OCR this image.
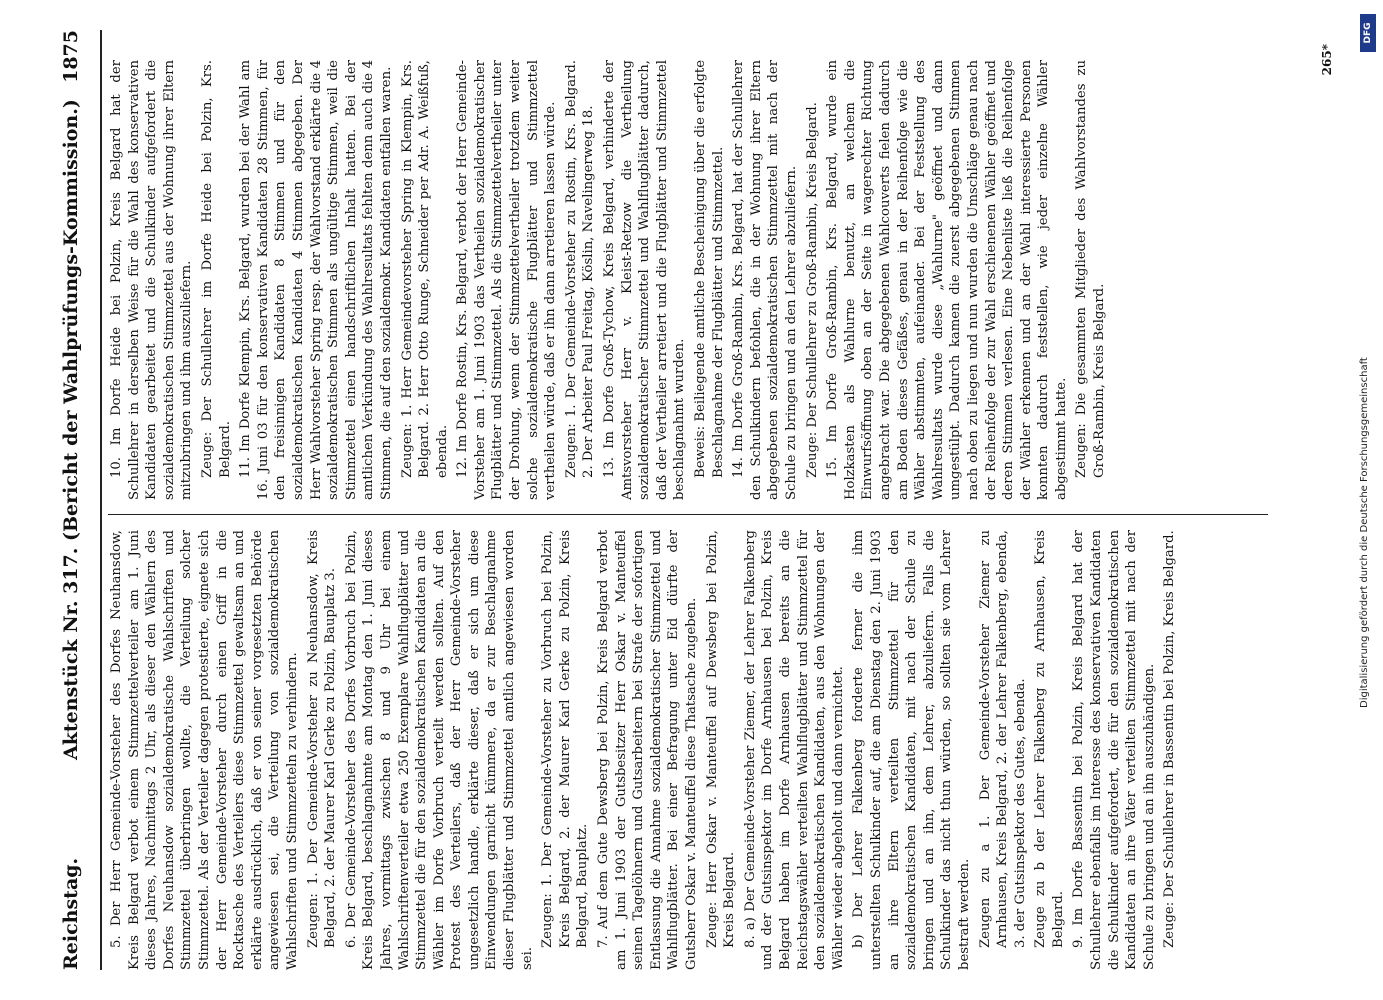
Reichstag.
Aktenstück Nr. 317. (Bericht der Wahlprüfungs-Kommission.)
1875

5. Der Herr Gemeinde-Vorsteher des Dorfes Neuhansdow, Kreis Belgard verbot einem Stimmzettelverteiler am 1. Juni dieses Jahres, Nachmittags 2 Uhr, als dieser den Wählern des Dorfes Neuhansdow sozialdemokratische Wahlschriften und Stimmzettel überbringen wollte, die Verteilung solcher Stimmzettel. Als der Verteiler dagegen protestierte, eignete sich der Herr Gemeinde-Vorsteher durch einen Griff in die Rocktasche des Verteilers diese Stimmzettel gewaltsam an und erklärte ausdrücklich, daß er von seiner vorgesetzten Behörde angewiesen sei, die Verteilung von sozialdemokratischen Wahlschriften und Stimmzetteln zu verhindern. Zeugen: 1. Der Gemeinde-Vorsteher zu Neuhansdow, Kreis Belgard, 2. der Maurer Karl Gerke zu Polzin, Bauplatz 3. 6. Der Gemeinde-Vorsteher des Dorfes Vorbruch bei Polzin, Kreis Belgard, beschlagnahmte am Montag den 1. Juni dieses Jahres, vormittags zwischen 8 und 9 Uhr bei einem Wahlschriftenverteiler etwa 250 Exemplare Wahlflugblätter und Stimmzettel die für den sozialdemokratischen Kandidaten an die Wähler im Dorfe Vorbruch verteilt werden sollten. Auf den Protest des Verteilers, daß der Herr Gemeinde-Vorsteher ungesetzlich handle, erklärte dieser, daß er sich um diese Einwendungen garnicht kümmere, da er zur Beschlagnahme dieser Flugblätter und Stimmzettel amtlich angewiesen worden sei.

Zeugen: 1. Der Gemeinde-Vorsteher zu Vorbruch bei Polzin, Kreis Belgard, 2. der Maurer Karl Gerke zu Polzin, Kreis Belgard, Bauplatz. 7. Auf dem Gute Dewsberg bei Polzin, Kreis Belgard verbot am 1. Juni 1903 der Gutsbesitzer Herr Oskar v. Manteuffel seinen Tagelöhnern und Gutsarbeitern bei Strafe der sofortigen Entlassung die Annahme sozialdemokratischer Stimmzettel und Wahlflugblätter. Bei einer Befragung unter Eid dürfte der Gutsherr Oskar v. Manteuffel diese Thatsache zugeben. Zeuge: Herr Oskar v. Manteuffel auf Dewsberg bei Polzin, Kreis Belgard. 8. a) Der Gemeinde-Vorsteher Ziemer, der Lehrer Falkenberg und der Gutsinspektor im Dorfe Arnhausen bei Polzin, Kreis Belgard haben im Dorfe Arnhausen die bereits an die Reichstagswähler verteilten Wahlflugblätter und Stimmzettel für den sozialdemokratischen Kandidaten, aus den Wohnungen der Wähler wieder abgeholt und dann vernichtet. b) Der Lehrer Falkenberg forderte ferner die ihm unterstellten Schulkinder auf, die am Dienstag den 2. Juni 1903 an ihre Eltern verteilten Stimmzettel für den sozialdemokratischen Kandidaten, mit nach der Schule zu bringen und an ihn, dem Lehrer, abzuliefern. Falls die Schulkinder das nicht thun würden, so sollten sie vom Lehrer bestraft werden. Zeugen zu a 1. Der Gemeinde-Vorsteher Ziemer zu Arnhausen, Kreis Belgard, 2. der Lehrer Falkenberg, ebenda, 3. der Gutsinspektor des Gutes, ebenda. Zeuge zu b der Lehrer Falkenberg zu Arnhausen, Kreis Belgard. 9. Im Dorfe Bassentin bei Polzin, Kreis Belgard hat der Schullehrer ebenfalls im Interesse des konservativen Kandidaten die Schulkinder aufgefordert, die für den sozialdemokratischen Kandidaten an ihre Väter verteilten Stimmzettel mit nach der Schule zu bringen und an ihn auszuhändigen. Zeuge: Der Schullehrer in Bassentin bei Polzin, Kreis Belgard.

10. Im Dorfe Heide bei Polzin, Kreis Belgard hat der Schullehrer in derselben Weise für die Wahl des konservativen Kandidaten gearbeitet und die Schulkinder aufgefordert die sozialdemokratischen Stimmzettel aus der Wohnung ihrer Eltern mitzubringen und ihm auszuliefern. Zeuge: Der Schullehrer im Dorfe Heide bei Polzin, Krs. Belgard. 11. Im Dorfe Klempin, Krs. Belgard, wurden bei der Wahl am 16. Juni 03 für den konservativen Kandidaten 28 Stimmen, für den freisinnigen Kandidaten 8 Stimmen und für den sozialdemokratischen Kandidaten 4 Stimmen abgegeben. Der Herr Wahlvorsteher Spring resp. der Wahlvorstand erklärte die 4 sozialdemokratischen Stimmen als ungültige Stimmen, weil die Stimmzettel einen handschriftlichen Inhalt hatten. Bei der amtlichen Verkündung des Wahlresultats fehlten denn auch die 4 Stimmen, die auf den sozialdemokr. Kandidaten entfallen waren. Zeugen: 1. Herr Gemeindevorsteher Spring in Klempin, Krs. Belgard. 2. Herr Otto Runge, Schneider per Adr. A. Weißfuß, ebenda. 12. Im Dorfe Rostin, Krs. Belgard, verbot der Herr Gemeinde-Vorsteher am 1. Juni 1903 das Vertheilen sozialdemokratischer Flugblätter und Stimmzettel. Als die Stimmzettelvertheiler unter der Drohung, wenn der Stimmzettelvertheiler trotzdem weiter solche sozialdemokratische Flugblätter und Stimmzettel vertheilen würde, daß er ihn dann arretieren lassen würde. Zeugen: 1. Der Gemeinde-Vorsteher zu Rostin, Krs. Belgard. 2. Der Arbeiter Paul Freitag, Köslin, Navelingerweg 18. 13. Im Dorfe Groß-Tychow, Kreis Belgard, verhinderte der Amtsvorsteher Herr v. Kleist-Retzow die Vertheilung sozialdemokratischer Stimmzettel und Wahlflugblätter dadurch, daß der Vertheiler arretiert und die Flugblätter und Stimmzettel beschlagnahmt wurden. Beweis: Beiliegende amtliche Bescheinigung über die erfolgte Beschlagnahme der Flugblätter und Stimmzettel. 14. Im Dorfe Groß-Rambin, Krs. Belgard, hat der Schullehrer den Schulkindern befohlen, die in der Wohnung ihrer Eltern abgegebenen sozialdemokratischen Stimmzettel mit nach der Schule zu bringen und an den Lehrer abzuliefern. Zeuge: Der Schullehrer zu Groß-Rambin, Kreis Belgard. 15. Im Dorfe Groß-Rambin, Krs. Belgard, wurde ein Holzkasten als Wahlurne benutzt, an welchem die Einwurfsöffnung oben an der Seite in wagerechter Richtung angebracht war. Die abgegebenen Wahlcouverts fielen dadurch am Boden dieses Gefäßes, genau in der Reihenfolge wie die Wähler abstimmten, aufeinander. Bei der Feststellung des Wahlresultats wurde diese „Wahlurne" geöffnet und dann umgestülpt. Dadurch kamen die zuerst abgegebenen Stimmen nach oben zu liegen und nun wurden die Umschläge genau nach der Reihenfolge der zur Wahl erschienenen Wähler geöffnet und deren Stimmen verlesen. Eine Nebenliste ließ die Reihenfolge der Wähler erkennen und an der Wahl interessierte Personen konnten dadurch feststellen, wie jeder einzelne Wähler abgestimmt hatte. Zeugen: Die gesammten Mitglieder des Wahlvorstandes zu Groß-Rambin, Kreis Belgard.

265*
DFG
Digitalisierung gefördert durch die Deutsche Forschungsgemeinschaft
